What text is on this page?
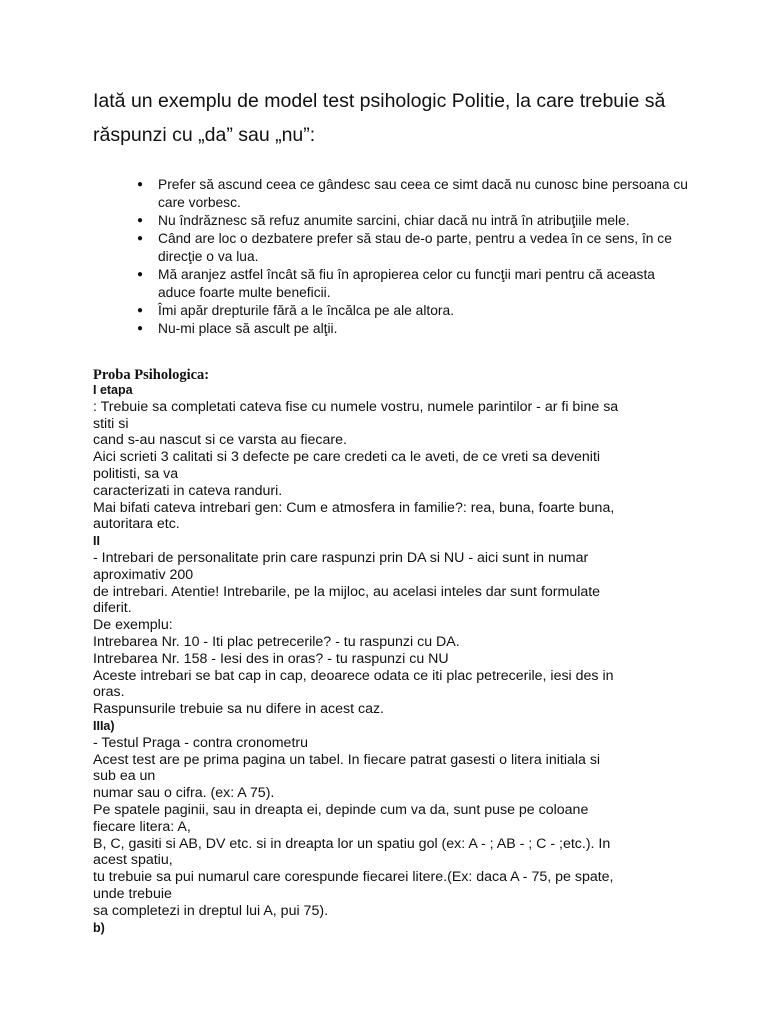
Iată un exemplu de model test psihologic Politie, la care trebuie să răspunzi cu „da” sau „nu”:
● Prefer să ascund ceea ce gândesc sau ceea ce simt dacă nu cunosc bine persoana cu care vorbesc.
● Nu îndrăznesc să refuz anumite sarcini, chiar dacă nu intră în atribuţiile mele.
● Când are loc o dezbatere prefer să stau de-o parte, pentru a vedea în ce sens, în ce direcţie o va lua.
● Mă aranjez astfel încât să fiu în apropierea celor cu funcţii mari pentru că aceasta aduce foarte multe beneficii.
● Îmi apăr drepturile fără a le încălca pe ale altora.
● Nu-mi place să ascult pe alţii.
Proba Psihologica:
I etapa
: Trebuie sa completati cateva fise cu numele vostru, numele parintilor - ar fi bine sa
stiti si
cand s-au nascut si ce varsta au fiecare.
Aici scrieti 3 calitati si 3 defecte pe care credeti ca le aveti, de ce vreti sa deveniti
politisti, sa va
caracterizati in cateva randuri.
Mai bifati cateva intrebari gen: Cum e atmosfera in familie?: rea, buna, foarte buna,
autoritara etc.
II
- Intrebari de personalitate prin care raspunzi prin DA si NU - aici sunt in numar
aproximativ 200
de intrebari. Atentie! Intrebarile, pe la mijloc, au acelasi inteles dar sunt formulate
diferit.
De exemplu:
Intrebarea Nr. 10 - Iti plac petrecerile? - tu raspunzi cu DA.
Intrebarea Nr. 158 - Iesi des in oras? - tu raspunzi cu NU
Aceste intrebari se bat cap in cap, deoarece odata ce iti plac petrecerile, iesi des in
oras.
Raspunsurile trebuie sa nu difere in acest caz.
IIIa)
- Testul Praga - contra cronometru
Acest test are pe prima pagina un tabel. In fiecare patrat gasesti o litera initiala si
sub ea un
numar sau o cifra. (ex: A 75).
Pe spatele paginii, sau in dreapta ei, depinde cum va da, sunt puse pe coloane
fiecare litera: A,
B, C, gasiti si AB, DV etc. si in dreapta lor un spatiu gol (ex: A - ; AB - ; C - ;etc.). In
acest spatiu,
tu trebuie sa pui numarul care corespunde fiecarei litere.(Ex: daca A - 75, pe spate,
unde trebuie
sa completezi in dreptul lui A, pui 75).
b)
